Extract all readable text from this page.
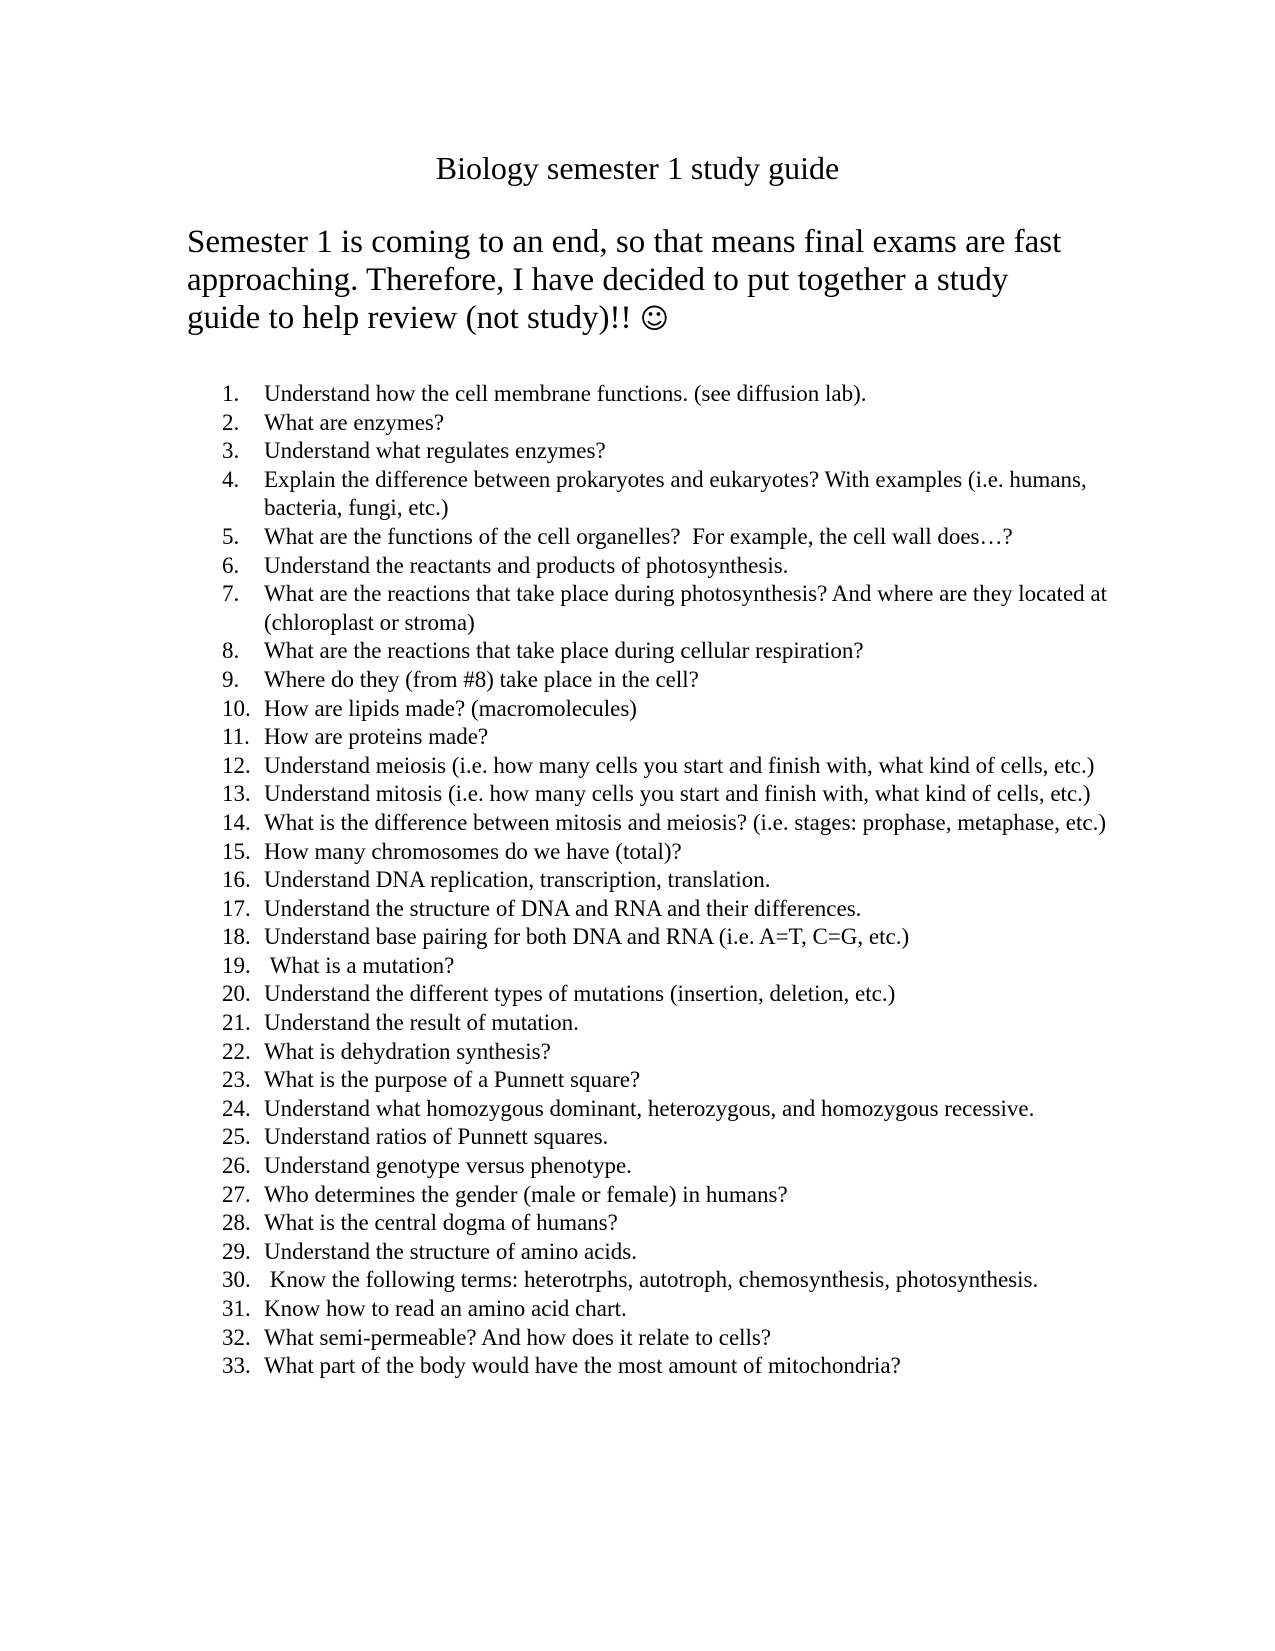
Biology semester 1 study guide

Semester 1 is coming to an end, so that means final exams are fast approaching. Therefore, I have decided to put together a study guide to help review (not study)!! ☺

1.	Understand how the cell membrane functions. (see diffusion lab).
2.	What are enzymes?
3.	Understand what regulates enzymes?
4.	Explain the difference between prokaryotes and eukaryotes? With examples (i.e. humans, bacteria, fungi, etc.)
5.	What are the functions of the cell organelles?  For example, the cell wall does…?
6.	Understand the reactants and products of photosynthesis.
7.	What are the reactions that take place during photosynthesis? And where are they located at (chloroplast or stroma)
8.	What are the reactions that take place during cellular respiration?
9.	Where do they (from #8) take place in the cell?
10. How are lipids made? (macromolecules)
11. How are proteins made?
12. Understand meiosis (i.e. how many cells you start and finish with, what kind of cells, etc.)
13. Understand mitosis (i.e. how many cells you start and finish with, what kind of cells, etc.)
14. What is the difference between mitosis and meiosis? (i.e. stages: prophase, metaphase, etc.)
15. How many chromosomes do we have (total)?
16. Understand DNA replication, transcription, translation.
17. Understand the structure of DNA and RNA and their differences.
18. Understand base pairing for both DNA and RNA (i.e. A=T, C=G, etc.)
19. What is a mutation?
20. Understand the different types of mutations (insertion, deletion, etc.)
21. Understand the result of mutation.
22. What is dehydration synthesis?
23. What is the purpose of a Punnett square?
24. Understand what homozygous dominant, heterozygous, and homozygous recessive.
25. Understand ratios of Punnett squares.
26. Understand genotype versus phenotype.
27. Who determines the gender (male or female) in humans?
28. What is the central dogma of humans?
29. Understand the structure of amino acids.
30. Know the following terms: heterotrphs, autotroph, chemosynthesis, photosynthesis.
31. Know how to read an amino acid chart.
32. What semi-permeable? And how does it relate to cells?
33. What part of the body would have the most amount of mitochondria?
